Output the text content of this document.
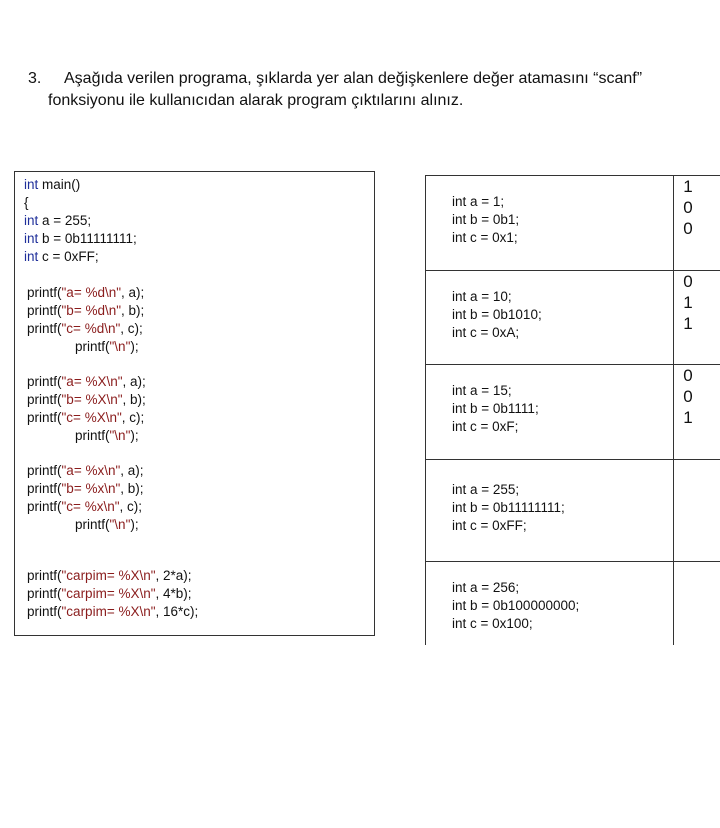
3. Aşağıda verilen programa, şıklarda yer alan değişkenlere değer atamasını “scanf”
fonksiyonu ile kullanıcıdan alarak program çıktılarını alınız.
int main()
{
int a = 255;
int b = 0b11111111;
int c = 0xFF;
printf("a= %d\n", a);
printf("b= %d\n", b);
printf("c= %d\n", c);
printf("\n");
printf("a= %X\n", a);
printf("b= %X\n", b);
printf("c= %X\n", c);
printf("\n");
printf("a= %x\n", a);
printf("b= %x\n", b);
printf("c= %x\n", c);
printf("\n");
printf("carpim= %X\n", 2*a);
printf("carpim= %X\n", 4*b);
printf("carpim= %X\n", 16*c);
int a = 1;
int b = 0b1;
int c = 0x1;
1
0
0
int a = 10;
int b = 0b1010;
int c = 0xA;
0
1
1
int a = 15;
int b = 0b1111;
int c = 0xF;
0
0
1
int a = 255;
int b = 0b11111111;
int c = 0xFF;
int a = 256;
int b = 0b100000000;
int c = 0x100;
